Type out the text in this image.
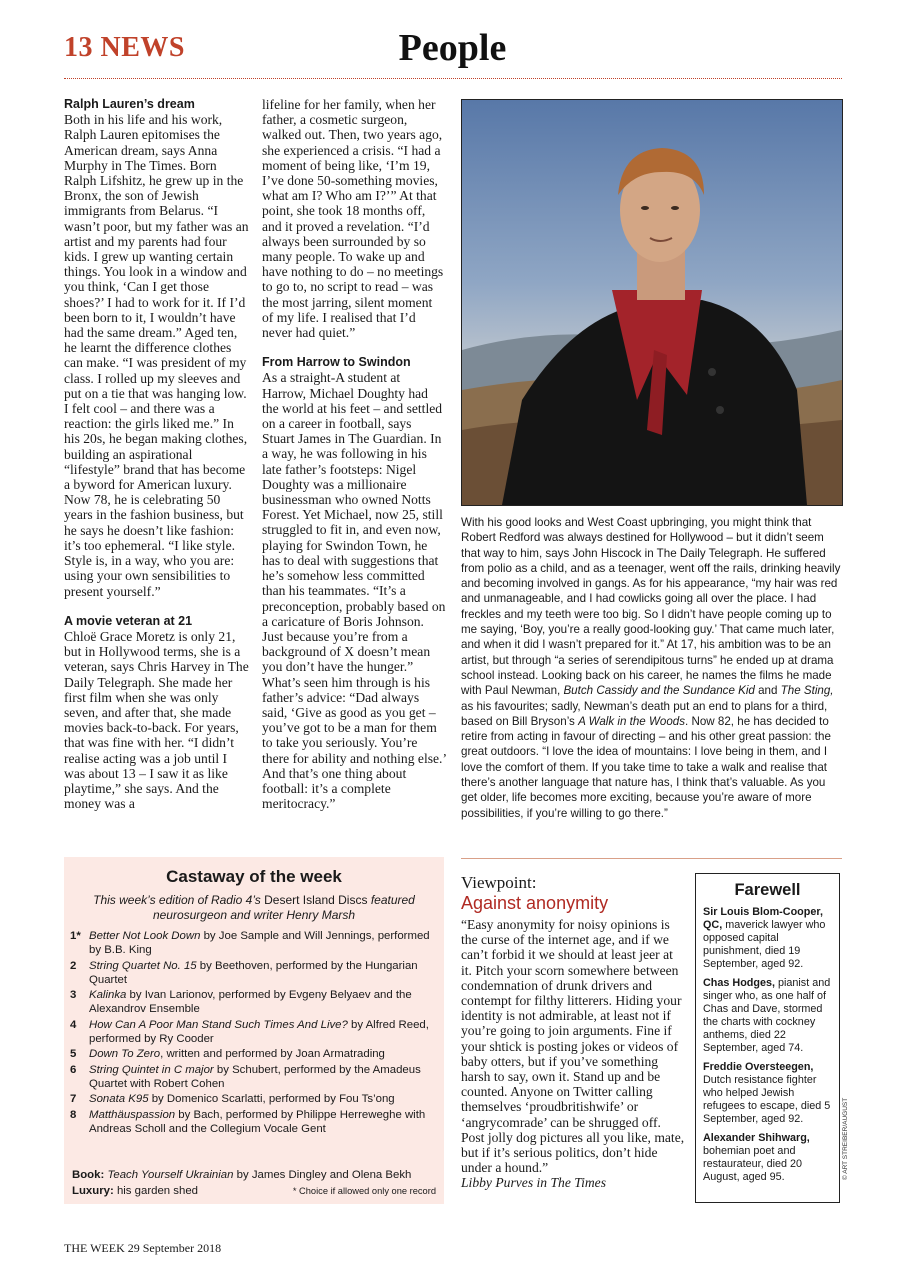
13 NEWS	People

Ralph Lauren’s dream

Both in his life and his work, Ralph Lauren epitomises the American dream, says Anna Murphy in The Times. Born Ralph Lifshitz, he grew up in the Bronx, the son of Jewish immigrants from Belarus. “I wasn’t poor, but my father was an artist and my parents had four kids. I grew up wanting certain things. You look in a window and you think, ‘Can I get those shoes?’ I had to work for it. If I’d been born to it, I wouldn’t have had the same dream.” Aged ten, he learnt the difference clothes can make. “I was president of my class. I rolled up my sleeves and put on a tie that was hanging low. I felt cool – and there was a reaction: the girls liked me.” In his 20s, he began making clothes, building an aspirational “lifestyle” brand that has become a byword for American luxury. Now 78, he is celebrating 50 years in the fashion business, but he says he doesn’t like fashion: it’s too ephemeral. “I like style. Style is, in a way, who you are: using your own sensibilities to present yourself.”

A movie veteran at 21

Chloë Grace Moretz is only 21, but in Hollywood terms, she is a veteran, says Chris Harvey in The Daily Telegraph. She made her first film when she was only seven, and after that, she made movies back-to-back. For years, that was fine with her. “I didn’t realise acting was a job until I was about 13 – I saw it as like playtime,” she says. And the money was a

lifeline for her family, when her father, a cosmetic surgeon, walked out. Then, two years ago, she experienced a crisis. “I had a moment of being like, ‘I’m 19, I’ve done 50-something movies, what am I? Who am I?’” At that point, she took 18 months off, and it proved a revelation. “I’d always been surrounded by so many people. To wake up and have nothing to do – no meetings to go to, no script to read – was the most jarring, silent moment of my life. I realised that I’d never had quiet.”

From Harrow to Swindon

As a straight-A student at Harrow, Michael Doughty had the world at his feet – and settled on a career in football, says Stuart James in The Guardian. In a way, he was following in his late father’s footsteps: Nigel Doughty was a millionaire businessman who owned Notts Forest. Yet Michael, now 25, still struggled to fit in, and even now, playing for Swindon Town, he has to deal with suggestions that he’s somehow less committed than his teammates. “It’s a preconception, probably based on a caricature of Boris Johnson. Just because you’re from a background of X doesn’t mean you don’t have the hunger.” What’s seen him through is his father’s advice: “Dad always said, ‘Give as good as you get – you’ve got to be a man for them to take you seriously. You’re there for ability and nothing else.’ And that’s one thing about football: it’s a complete meritocracy.”

With his good looks and West Coast upbringing, you might think that Robert Redford was always destined for Hollywood – but it didn’t seem that way to him, says John Hiscock in The Daily Telegraph. He suffered from polio as a child, and as a teenager, went off the rails, drinking heavily and becoming involved in gangs. As for his appearance, “my hair was red and unmanageable, and I had cowlicks going all over the place. I had freckles and my teeth were too big. So I didn’t have people coming up to me saying, ‘Boy, you’re a really good-looking guy.’ That came much later, and when it did I wasn’t prepared for it.” At 17, his ambition was to be an artist, but through “a series of serendipitous turns” he ended up at drama school instead. Looking back on his career, he names the films he made with Paul Newman, Butch Cassidy and the Sundance Kid and The Sting, as his favourites; sadly, Newman’s death put an end to plans for a third, based on Bill Bryson’s A Walk in the Woods. Now 82, he has decided to retire from acting in favour of directing – and his other great passion: the great outdoors. “I love the idea of mountains: I love being in them, and I love the comfort of them. If you take time to take a walk and realise that there’s another language that nature has, I think that’s valuable. As you get older, life becomes more exciting, because you’re aware of more possibilities, if you’re willing to go there.”

Castaway of the week
This week’s edition of Radio 4’s Desert Island Discs featured neurosurgeon and writer Henry Marsh
1* Better Not Look Down by Joe Sample and Will Jennings, performed by B.B. King
2	String Quartet No. 15 by Beethoven, performed by the Hungarian Quartet
3	Kalinka by Ivan Larionov, performed by Evgeny Belyaev and the Alexandrov Ensemble
4	How Can A Poor Man Stand Such Times And Live? by Alfred Reed, performed by Ry Cooder
5	Down To Zero, written and performed by Joan Armatrading
6	String Quintet in C major by Schubert, performed by the Amadeus Quartet with Robert Cohen
7	Sonata K95 by Domenico Scarlatti, performed by Fou Ts’ong
8	Matthäuspassion by Bach, performed by Philippe Herreweghe with Andreas Scholl and the Collegium Vocale Gent
Book: Teach Yourself Ukrainian by James Dingley and Olena Bekh
Luxury: his garden shed	* Choice if allowed only one record
Viewpoint:
Against anonymity
“Easy anonymity for noisy opinions is the curse of the internet age, and if we can’t forbid it we should at least jeer at it. Pitch your scorn somewhere between condemnation of drunk drivers and contempt for filthy litterers. Hiding your identity is not admirable, at least not if you’re going to join arguments. Fine if your shtick is posting jokes or videos of baby otters, but if you’ve something harsh to say, own it. Stand up and be counted. Anyone on Twitter calling themselves ‘proudbritishwife’ or ‘angrycomrade’ can be shrugged off. Post jolly dog pictures all you like, mate, but if it’s serious politics, don’t hide under a hound.”
Libby Purves in The Times
Farewell
Sir Louis Blom-Cooper, QC, maverick lawyer who opposed capital punishment, died 19 September, aged 92.
Chas Hodges, pianist and singer who, as one half of Chas and Dave, stormed the charts with cockney anthems, died 22 September, aged 74.
Freddie Oversteegen, Dutch resistance fighter who helped Jewish refugees to escape, died 5 September, aged 92.
Alexander Shihwarg, bohemian poet and restaurateur, died 20 August, aged 95.	© ART STREIBER/AUGUST
THE WEEK 29 September 2018
